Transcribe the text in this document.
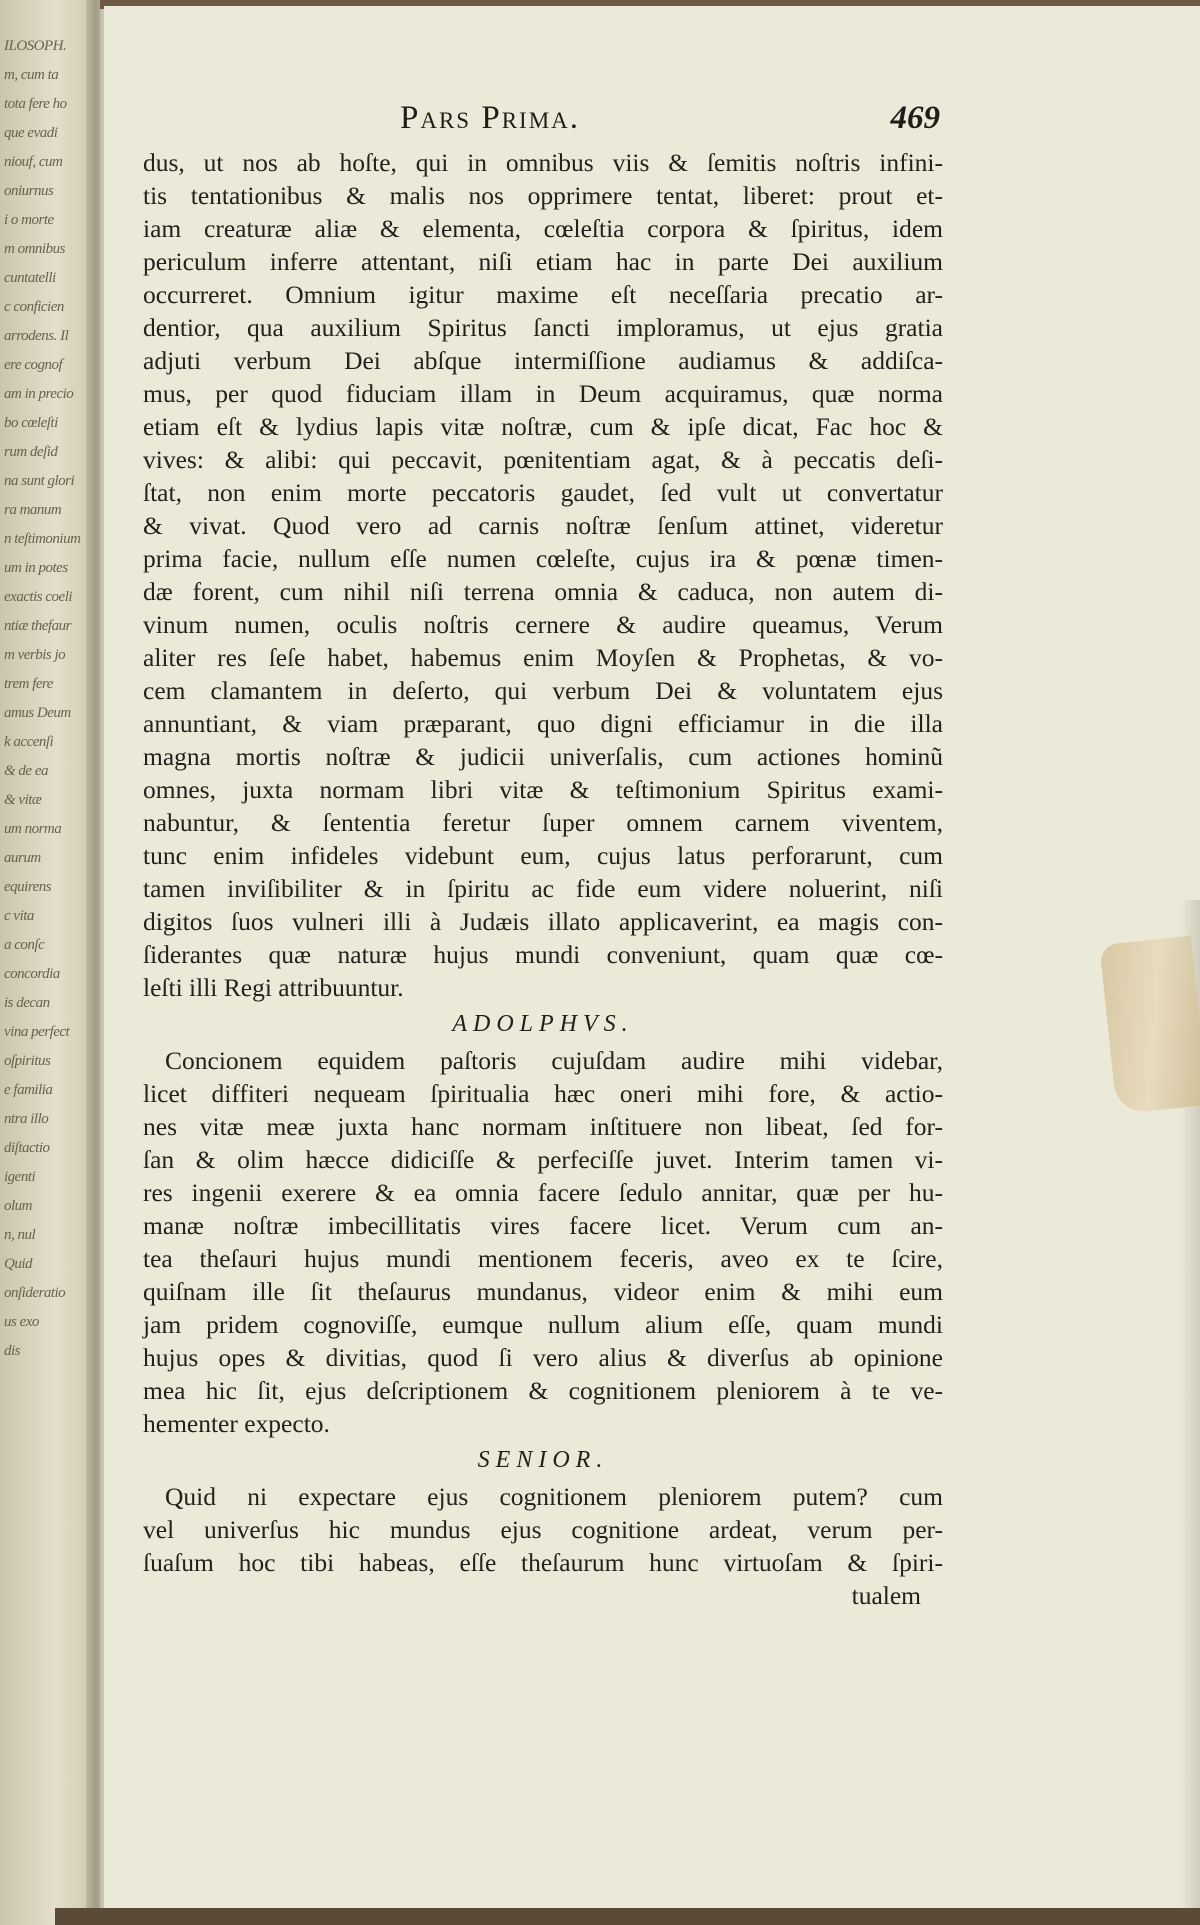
ILOSOPH.
m, cum ta
tota fere ho
que evadi
niouf, cum
oniurnus
i o morte
m omnibus
cuntatelli
c conficien
arrodens. Il
ere cognof
am in precio
bo cœleſti
rum deſid
na sunt glori
ra manum
n teſtimonium
um in potes
exactis coeli
ntiæ thefaur
m verbis jo
trem fere
amus Deum
k accenſi
& de ea
& vitæ
um norma
aurum
equirens
c vita
a conſc
concordia
is decan
vina perfect
oſpiritus
e familia
ntra illo
diſtactio
igenti
olum
n, nul
Quid
onſideratio
us exo
dis
Pars Prima.	469
dus, ut nos ab hoſte, qui in omnibus viis & ſemitis noſtris infini-
tis tentationibus & malis nos opprimere tentat, liberet: prout et-
iam creaturæ aliæ & elementa, cœleſtia corpora & ſpiritus, idem
periculum inferre attentant, niſi etiam hac in parte Dei auxilium
occurreret. Omnium igitur maxime eſt neceſſaria precatio ar-
dentior, qua auxilium Spiritus ſancti imploramus, ut ejus gratia
adjuti verbum Dei abſque intermiſſione audiamus & addiſca-
mus, per quod fiduciam illam in Deum acquiramus, quæ norma
etiam eſt & lydius lapis vitæ noſtræ, cum & ipſe dicat, Fac hoc &
vives: & alibi: qui peccavit, pœnitentiam agat, & à peccatis deſi-
ſtat, non enim morte peccatoris gaudet, ſed vult ut convertatur
& vivat. Quod vero ad carnis noſtræ ſenſum attinet, videretur
prima facie, nullum eſſe numen cœleſte, cujus ira & pœnæ timen-
dæ forent, cum nihil niſi terrena omnia & caduca, non autem di-
vinum numen, oculis noſtris cernere & audire queamus, Verum
aliter res ſeſe habet, habemus enim Moyſen & Prophetas, & vo-
cem clamantem in deſerto, qui verbum Dei & voluntatem ejus
annuntiant, & viam præparant, quo digni efficiamur in die illa
magna mortis noſtræ & judicii univerſalis, cum actiones hominũ
omnes, juxta normam libri vitæ & teſtimonium Spiritus exami-
nabuntur, & ſententia feretur ſuper omnem carnem viventem,
tunc enim infideles videbunt eum, cujus latus perforarunt, cum
tamen inviſibiliter & in ſpiritu ac fide eum videre noluerint, niſi
digitos ſuos vulneri illi à Judæis illato applicaverint, ea magis con-
ſiderantes quæ naturæ hujus mundi conveniunt, quam quæ cœ-
leſti illi Regi attribuuntur.
ADOLPHVS.
Concionem equidem paſtoris cujuſdam audire mihi videbar,
licet diffiteri nequeam ſpiritualia hæc oneri mihi fore, & actio-
nes vitæ meæ juxta hanc normam inſtituere non libeat, ſed for-
ſan & olim hæcce didiciſſe & perfeciſſe juvet. Interim tamen vi-
res ingenii exerere & ea omnia facere ſedulo annitar, quæ per hu-
manæ noſtræ imbecillitatis vires facere licet. Verum cum an-
tea theſauri hujus mundi mentionem feceris, aveo ex te ſcire,
quiſnam ille ſit theſaurus mundanus, videor enim & mihi eum
jam pridem cognoviſſe, eumque nullum alium eſſe, quam mundi
hujus opes & divitias, quod ſi vero alius & diverſus ab opinione
mea hic ſit, ejus deſcriptionem & cognitionem pleniorem à te ve-
hementer expecto.
SENIOR.
Quid ni expectare ejus cognitionem pleniorem putem? cum
vel univerſus hic mundus ejus cognitione ardeat, verum per-
ſuaſum hoc tibi habeas, eſſe theſaurum hunc virtuoſam & ſpiri-
tualem
